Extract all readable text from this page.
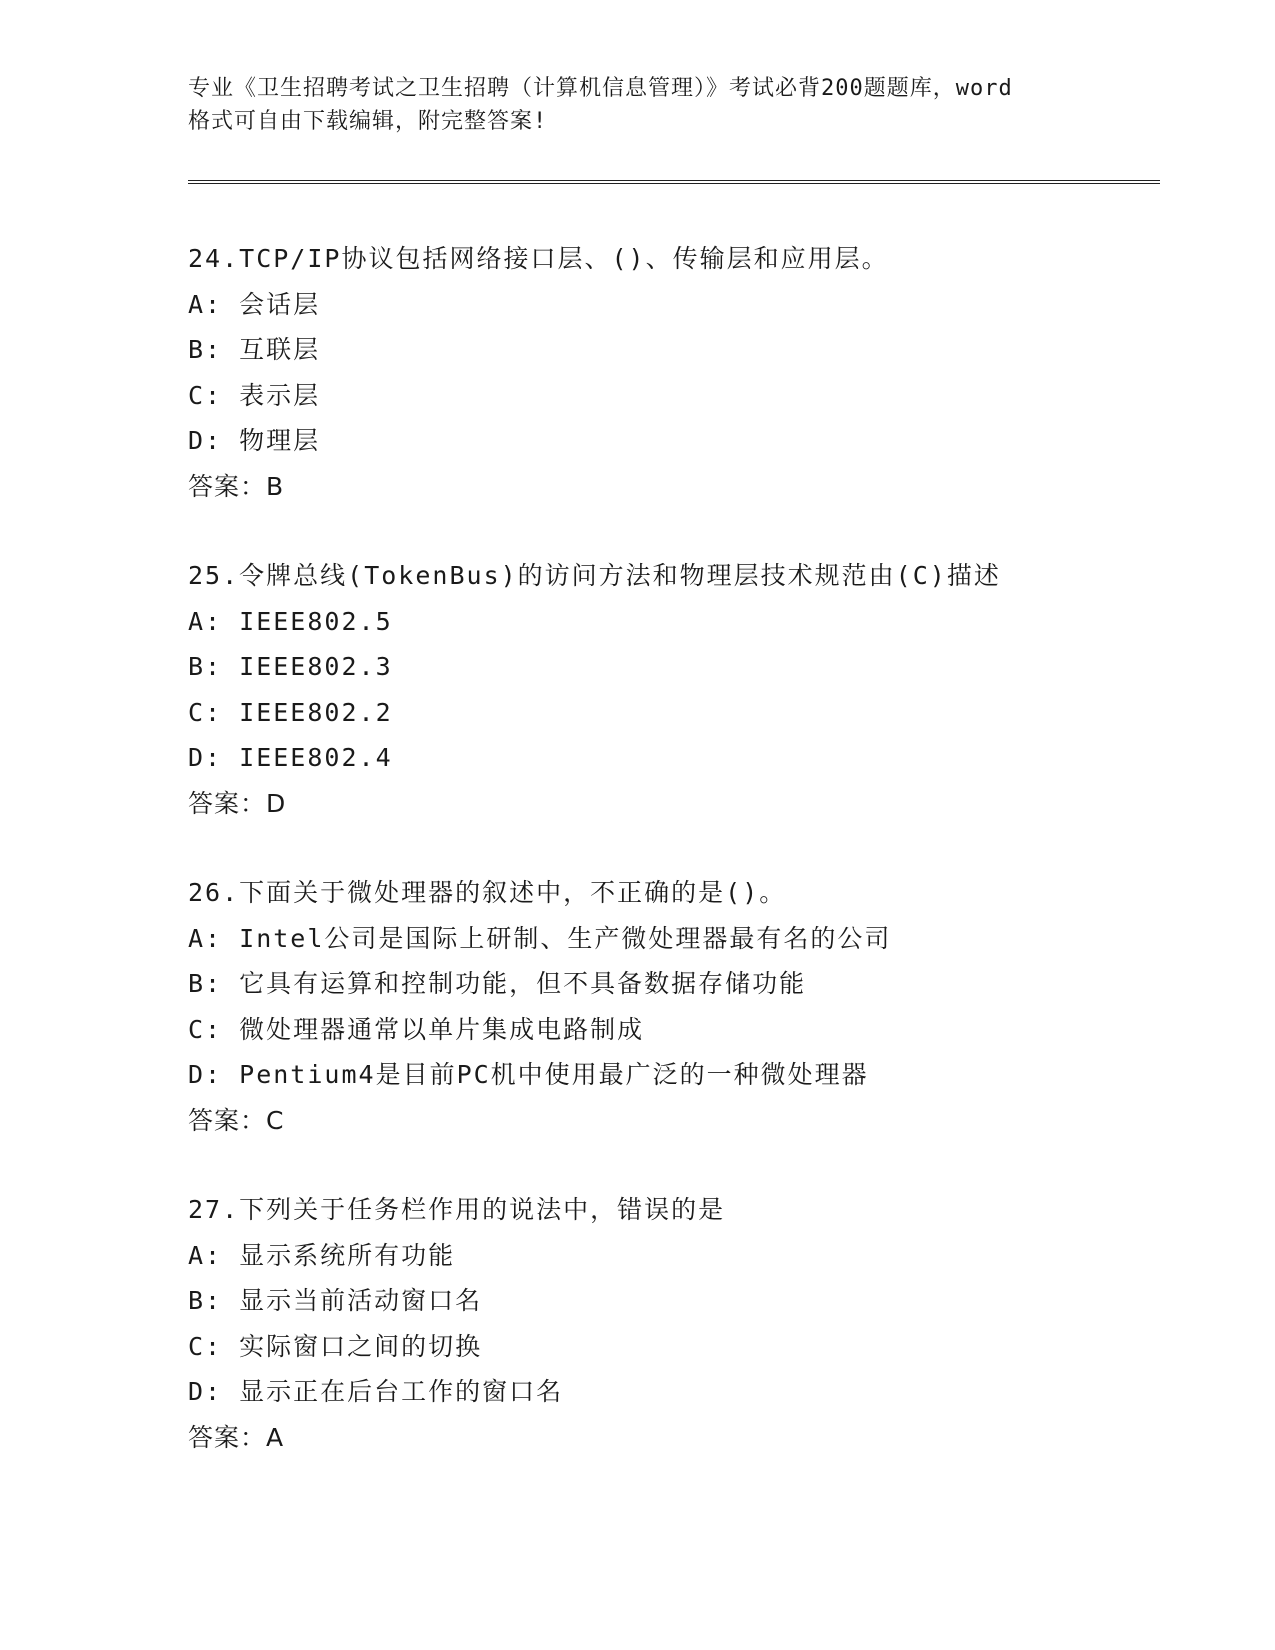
专业《卫生招聘考试之卫生招聘（计算机信息管理）》考试必背200题题库，word
格式可自由下载编辑，附完整答案!
24.TCP/IP协议包括网络接口层、()、传输层和应用层。
A: 会话层
B: 互联层
C: 表示层
D: 物理层
答案：B
25.令牌总线(TokenBus)的访问方法和物理层技术规范由(C)描述
A: IEEE802.5
B: IEEE802.3
C: IEEE802.2
D: IEEE802.4
答案：D
26.下面关于微处理器的叙述中，不正确的是()。
A: Intel公司是国际上研制、生产微处理器最有名的公司
B: 它具有运算和控制功能，但不具备数据存储功能
C: 微处理器通常以单片集成电路制成
D: Pentium4是目前PC机中使用最广泛的一种微处理器
答案：C
27.下列关于任务栏作用的说法中，错误的是
A: 显示系统所有功能
B: 显示当前活动窗口名
C: 实际窗口之间的切换
D: 显示正在后台工作的窗口名
答案：A
